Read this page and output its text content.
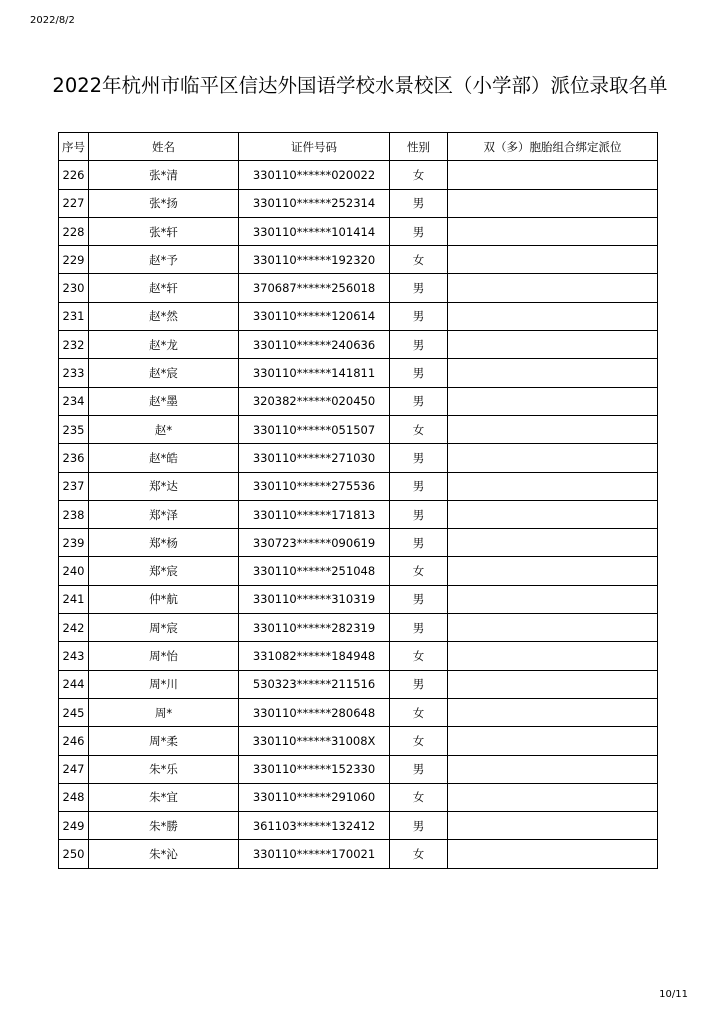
2022/8/2
2022年杭州市临平区信达外国语学校水景校区（小学部）派位录取名单
序号	姓名	证件号码	性别	双（多）胞胎组合绑定派位
226	张*清	330110******020022	女	
227	张*扬	330110******252314	男	
228	张*轩	330110******101414	男	
229	赵*予	330110******192320	女	
230	赵*轩	370687******256018	男	
231	赵*然	330110******120614	男	
232	赵*龙	330110******240636	男	
233	赵*宸	330110******141811	男	
234	赵*墨	320382******020450	男	
235	赵*	330110******051507	女	
236	赵*皓	330110******271030	男	
237	郑*达	330110******275536	男	
238	郑*泽	330110******171813	男	
239	郑*杨	330723******090619	男	
240	郑*宸	330110******251048	女	
241	仲*航	330110******310319	男	
242	周*宸	330110******282319	男	
243	周*怡	331082******184948	女	
244	周*川	530323******211516	男	
245	周*	330110******280648	女	
246	周*柔	330110******31008X	女	
247	朱*乐	330110******152330	男	
248	朱*宜	330110******291060	女	
249	朱*勝	361103******132412	男	
250	朱*沁	330110******170021	女	
10/11
